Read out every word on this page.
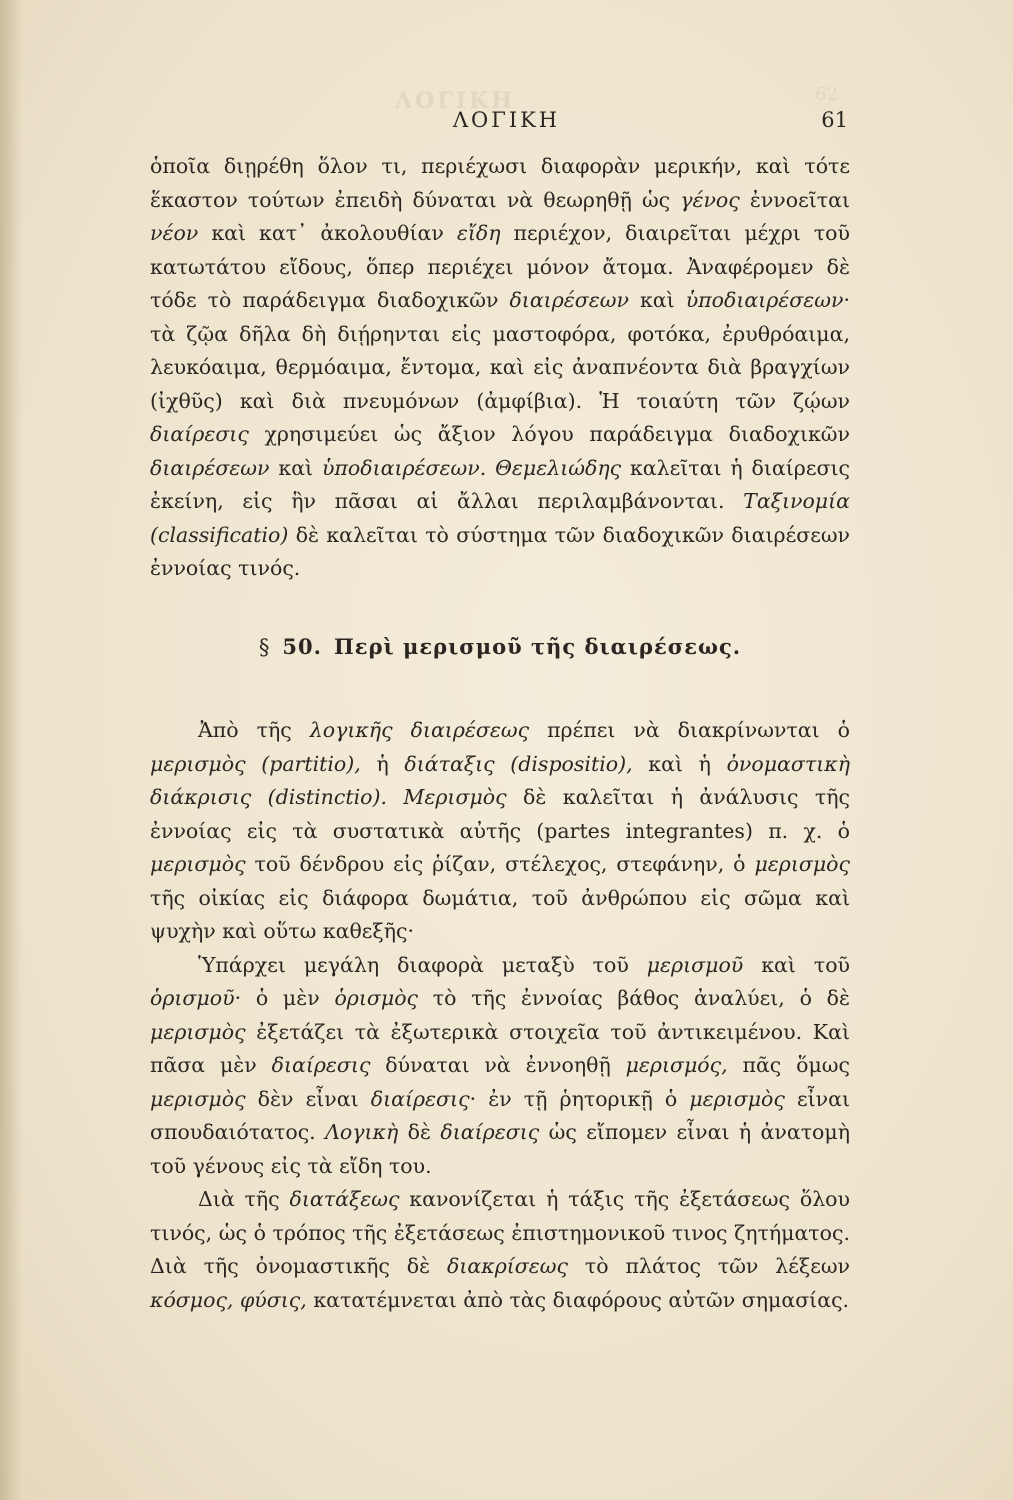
ΛΟΓΙΚΗ	62
ΛΟΓΙΚΗ	61

ὁποῖα διῃρέθη ὅλον τι, περιέχωσι διαφορὰν μερικήν, καὶ τότε ἕκαστον τούτων ἐπειδὴ δύναται νὰ θεωρηθῇ ὡς γένος ἐννοεῖται νέον καὶ κατ᾽ ἀκολουθίαν εἴδη περιέχον, διαιρεῖται μέχρι τοῦ κατωτάτου εἴδους, ὅπερ περιέχει μόνον ἄτομα. Ἀναφέρομεν δὲ τόδε τὸ παράδειγμα διαδοχικῶν διαιρέσεων καὶ ὑποδιαιρέσεων· τὰ ζῷα δῆλα δὴ διῄρηνται εἰς μαστοφόρα, φοτόκα, ἐρυθρόαιμα, λευκόαιμα, θερμόαιμα, ἔντομα, καὶ εἰς ἀναπνέοντα διὰ βραγχίων (ἰχθῦς) καὶ διὰ πνευμόνων (ἀμφίβια). Ἡ τοιαύτη τῶν ζῴων διαίρεσις χρησιμεύει ὡς ἄξιον λόγου παράδειγμα διαδοχικῶν διαιρέσεων καὶ ὑποδιαιρέσεων. Θεμελιώδης καλεῖται ἡ διαίρεσις ἐκείνη, εἰς ἣν πᾶσαι αἱ ἄλλαι περιλαμβάνονται. Ταξινομία (classificatio) δὲ καλεῖται τὸ σύστημα τῶν διαδοχικῶν διαιρέσεων ἐννοίας τινός.

§ 50. Περὶ μερισμοῦ τῆς διαιρέσεως.

Ἀπὸ τῆς λογικῆς διαιρέσεως πρέπει νὰ διακρίνωνται ὁ μερισμὸς (partitio), ἡ διάταξις (dispositio), καὶ ἡ ὀνομαστικὴ διάκρισις (distinctio). Μερισμὸς δὲ καλεῖται ἡ ἀνάλυσις τῆς ἐννοίας εἰς τὰ συστατικὰ αὐτῆς (partes integrantes) π. χ. ὁ μερισμὸς τοῦ δένδρου εἰς ῥίζαν, στέλεχος, στεφάνην, ὁ μερισμὸς τῆς οἰκίας εἰς διάφορα δωμάτια, τοῦ ἀνθρώπου εἰς σῶμα καὶ ψυχὴν καὶ οὕτω καθεξῆς·

Ὑπάρχει μεγάλη διαφορὰ μεταξὺ τοῦ μερισμοῦ καὶ τοῦ ὁρισμοῦ· ὁ μὲν ὁρισμὸς τὸ τῆς ἐννοίας βάθος ἀναλύει, ὁ δὲ μερισμὸς ἐξετάζει τὰ ἐξωτερικὰ στοιχεῖα τοῦ ἀντικειμένου. Καὶ πᾶσα μὲν διαίρεσις δύναται νὰ ἐννοηθῇ μερισμός, πᾶς ὅμως μερισμὸς δὲν εἶναι διαίρεσις· ἐν τῇ ῥητορικῇ ὁ μερισμὸς εἶναι σπουδαιότατος. Λογικὴ δὲ διαίρεσις ὡς εἴπομεν εἶναι ἡ ἀνατομὴ τοῦ γένους εἰς τὰ εἴδη του.

Διὰ τῆς διατάξεως κανονίζεται ἡ τάξις τῆς ἐξετάσεως ὅλου τινός, ὡς ὁ τρόπος τῆς ἐξετάσεως ἐπιστημονικοῦ τινος ζητήματος. Διὰ τῆς ὀνομαστικῆς δὲ διακρίσεως τὸ πλάτος τῶν λέξεων κόσμος, φύσις, κατατέμνεται ἀπὸ τὰς διαφόρους αὐτῶν σημασίας.
